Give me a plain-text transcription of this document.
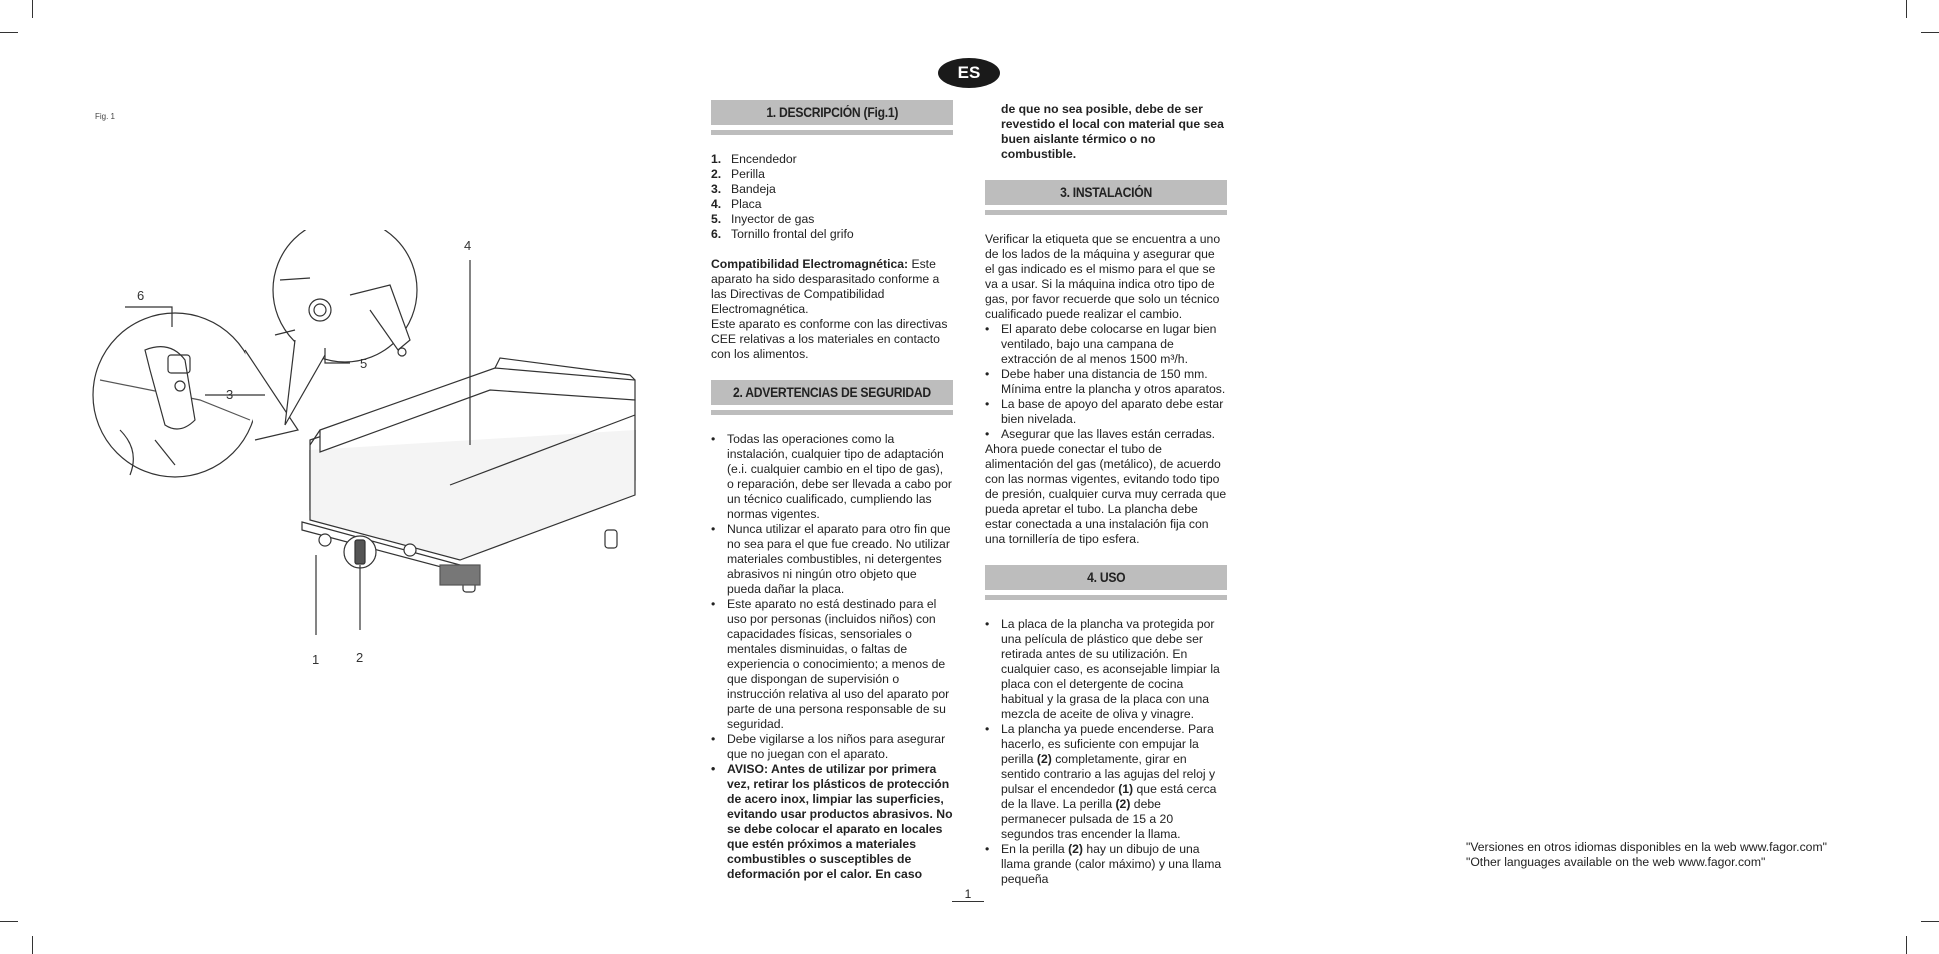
Fig. 1
ES
4
6
5
3
1	2
1. DESCRIPCIÓN (Fig.1)
1. Encendedor
2. Perilla
3. Bandeja
4. Placa
5. Inyector de gas
6. Tornillo frontal del grifo

Compatibilidad Electromagnética: Este aparato ha sido desparasitado conforme a las Directivas de Compatibilidad Electromagnética.

Este aparato es conforme con las directivas CEE relativas a los materiales en contacto con los alimentos.

2. ADVERTENCIAS DE SEGURIDAD
• Todas las operaciones como la instalación, cualquier tipo de adaptación (e.i. cualquier cambio en el tipo de gas), o reparación, debe ser llevada a cabo por un técnico cualificado, cumpliendo las normas vigentes.
• Nunca utilizar el aparato para otro fin que no sea para el que fue creado. No utilizar materiales combustibles, ni detergentes abrasivos ni ningún otro objeto que pueda dañar la placa.
• Este aparato no está destinado para el uso por personas (incluidos niños) con capacidades físicas, sensoriales o mentales disminuidas, o faltas de experiencia o conocimiento; a menos de que dispongan de supervisión o instrucción relativa al uso del aparato por parte de una persona responsable de su seguridad.
• Debe vigilarse a los niños para asegurar que no juegan con el aparato.
• AVISO: Antes de utilizar por primera vez, retirar los plásticos de protección de acero inox, limpiar las superficies, evitando usar productos abrasivos. No se debe colocar el aparato en locales que estén próximos a materiales combustibles o susceptibles de deformación por el calor. En caso

de que no sea posible, debe de ser revestido el local con material que sea buen aislante térmico o no combustible.

3. INSTALACIÓN

Verificar la etiqueta que se encuentra a uno de los lados de la máquina y asegurar que el gas indicado es el mismo para el que se va a usar. Si la máquina indica otro tipo de gas, por favor recuerde que solo un técnico cualificado puede realizar el cambio.

• El aparato debe colocarse en lugar bien ventilado, bajo una campana de extracción de al menos 1500 m³/h.
• Debe haber una distancia de 150 mm. Mínima entre la plancha y otros aparatos.
• La base de apoyo del aparato debe estar bien nivelada.
• Asegurar que las llaves están cerradas.

Ahora puede conectar el tubo de alimentación del gas (metálico), de acuerdo con las normas vigentes, evitando todo tipo de presión, cualquier curva muy cerrada que pueda apretar el tubo. La plancha debe estar conectada a una instalación fija con una tornillería de tipo esfera.

4. USO
• La placa de la plancha va protegida por una película de plástico que debe ser retirada antes de su utilización. En cualquier caso, es aconsejable limpiar la placa con el detergente de cocina habitual y la grasa de la placa con una mezcla de aceite de oliva y vinagre.
• La plancha ya puede encenderse. Para hacerlo, es suficiente con empujar la perilla (2) completamente, girar en sentido contrario a las agujas del reloj y pulsar el encendedor (1) que está cerca de la llave. La perilla (2) debe permanecer pulsada de 15 a 20 segundos tras encender la llama.
• En la perilla (2) hay un dibujo de una llama grande (calor máximo) y una llama pequeña
"Versiones en otros idiomas disponibles en la web www.fagor.com"
"Other languages available on the web www.fagor.com"
1
